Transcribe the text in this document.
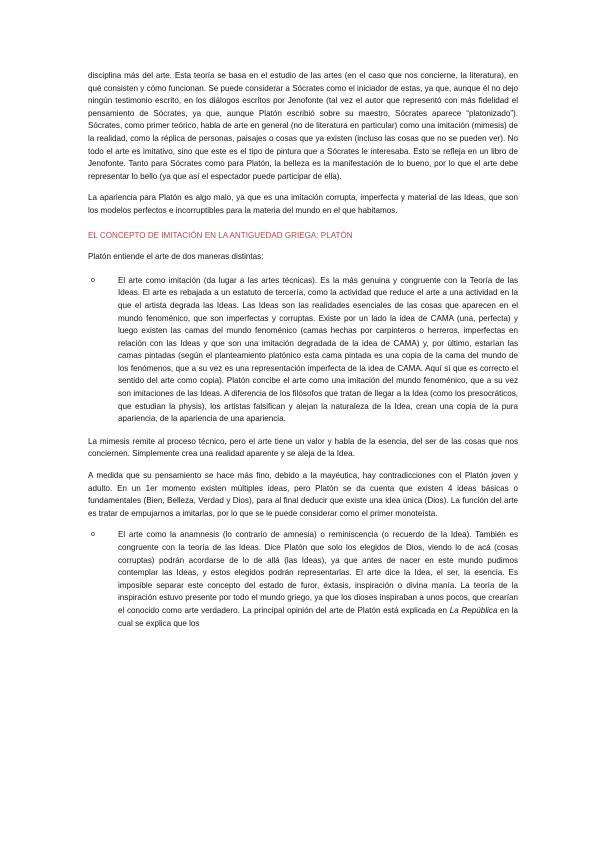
disciplina más del arte. Esta teoría se basa en el estudio de las artes (en el caso que nos concierne, la literatura), en qué consisten y cómo funcionan. Se puede considerar a Sócrates como el iniciador de estas, ya que, aunque él no dejo ningún testimonio escrito, en los diálogos escritos por Jenofonte (tal vez el autor que representó con más fidelidad el pensamiento de Sócrates, ya que, aunque Platón escribió sobre su maestro, Sócrates aparece “platonizado”). Sócrates, como primer teórico, habla de arte en general (no de literatura en particular) como una imitación (mimesis) de la realidad, como la réplica de personas, paisajes o cosas que ya existen (incluso las cosas que no se pueden ver). No todo el arte es imitativo, sino que este es el tipo de pintura que a Sócrates le interesaba. Esto se refleja en un libro de Jenofonte. Tanto para Sócrates como para Platón, la belleza es la manifestación de lo bueno, por lo que el arte debe representar lo bello (ya que así el espectador puede participar de ella).

La apariencia para Platón es algo malo, ya que es una imitación corrupta, imperfecta y material de las Ideas, que son los modelos perfectos e incorruptibles para la materia del mundo en el que habitamos.

EL CONCEPTO DE IMITACIÓN EN LA ANTIGUEDAD GRIEGA: PLATÓN

Platón entiende el arte de dos maneras distintas:

o	El arte como imitación (da lugar a las artes técnicas). Es la más genuina y congruente con la Teoría de las Ideas. El arte es rebajada a un estatuto de tercería, como la actividad que reduce el arte a una actividad en la que el artista degrada las Ideas. Las Ideas son las realidades esenciales de las cosas que aparecen en el mundo fenoménico, que son imperfectas y corruptas. Existe por un lado la idea de CAMA (una, perfecta) y luego existen las camas del mundo fenoménico (camas hechas por carpinteros o herreros, imperfectas en relación con las Ideas y que son una imitación degradada de la idea de CAMA) y, por último, estarían las camas pintadas (según el planteamiento platónico esta cama pintada es una copia de la cama del mundo de los fenómenos, que a su vez es una representación imperfecta de la idea de CAMA. Aquí sí que es correcto el sentido del arte como copia). Platón concibe el arte como una imitación del mundo fenoménico, que a su vez son imitaciones de las Ideas. A diferencia de los filósofos que tratan de llegar a la Idea (como los presocráticos, que estudian la physis), los artistas falsifican y alejan la naturaleza de la Idea, crean una copia de la pura apariencia, de la apariencia de una apariencia.

La mimesis remite al proceso técnico, pero el arte tiene un valor y habla de la esencia, del ser de las cosas que nos conciernen. Simplemente crea una realidad aparente y se aleja de la Idea.

A medida que su pensamiento se hace más fino, debido a la mayéutica, hay contradicciones con el Platón joven y adulto. En un 1er momento existen múltiples ideas, pero Platón se da cuenta que existen 4 ideas básicas o fundamentales (Bien, Belleza, Verdad y Dios), para al final deducir que existe una idea única (Dios). La función del arte es tratar de empujarnos a imitarlas, por lo que se le puede considerar como el primer monoteísta.

o	El arte como la anamnesis (lo contrario de amnesia) o reminiscencia (o recuerdo de la Idea). También es congruente con la teoría de las Ideas. Dice Platón que solo los elegidos de Dios, viendo lo de acá (cosas corruptas) podrán acordarse de lo de allá (las Ideas), ya que antes de nacer en este mundo pudimos contemplar las Ideas, y estos elegidos podrán representarlas. El arte dice la Idea, el ser, la esencia. Es imposible separar este concepto del estado de furor, éxtasis, inspiración o divina manía. La teoría de la inspiración estuvo presente por todo el mundo griego, ya que los dioses inspiraban a unos pocos, que crearían el conocido como arte verdadero. La principal opinión del arte de Platón está explicada en La República en la cual se explica que los
